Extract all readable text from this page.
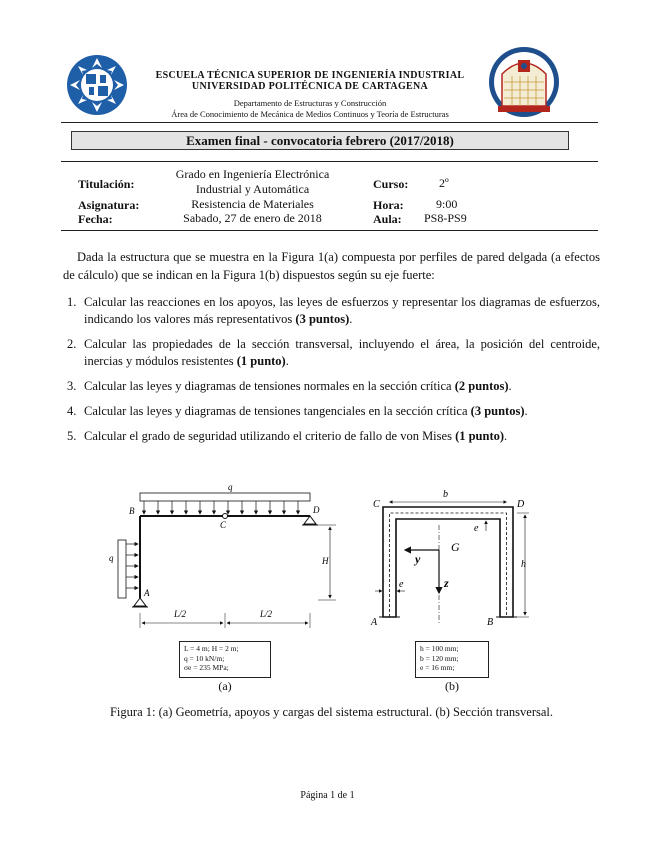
ESCUELA TÉCNICA SUPERIOR DE INGENIERÍA INDUSTRIAL
UNIVERSIDAD POLITÉCNICA DE CARTAGENA
Departamento de Estructuras y Construcción
Área de Conocimiento de Mecánica de Medios Continuos y Teoría de Estructuras
Examen final - convocatoria febrero (2017/2018)
Titulación:
Grado en Ingeniería Electrónica
Industrial y Automática	Curso:	2º
Asignatura:	Resistencia de Materiales	Hora:	9:00
Fecha:	Sabado, 27 de enero de 2018	Aula: PS8-PS9
Dada la estructura que se muestra en la Figura 1(a) compuesta por perfiles de pared delgada (a efectos de cálculo) que se indican en la Figura 1(b) dispuestos según su eje fuerte:
1. Calcular las reacciones en los apoyos, las leyes de esfuerzos y representar los diagramas de esfuerzos, indicando los valores más representativos (3 puntos).
2. Calcular las propiedades de la sección transversal, incluyendo el área, la posición del centroide, inercias y módulos resistentes (1 punto).
3. Calcular las leyes y diagramas de tensiones normales en la sección crítica (2 puntos).
4. Calcular las leyes y diagramas de tensiones tangenciales en la sección crítica (3 puntos).
5. Calcular el grado de seguridad utilizando el criterio de fallo de von Mises (1 punto).
q
q
B
C
D
A
H
L/2	L/2
L = 4 m; H = 2 m;
q = 10 kN/m;
σe = 235 MPa;
(a)
C	D
A	B
b
h
e
e
G
y
z
h = 100 mm;
b = 120 mm;
e = 16 mm;
(b)
Figura 1: (a) Geometría, apoyos y cargas del sistema estructural. (b) Sección transversal.
Página 1 de 1
